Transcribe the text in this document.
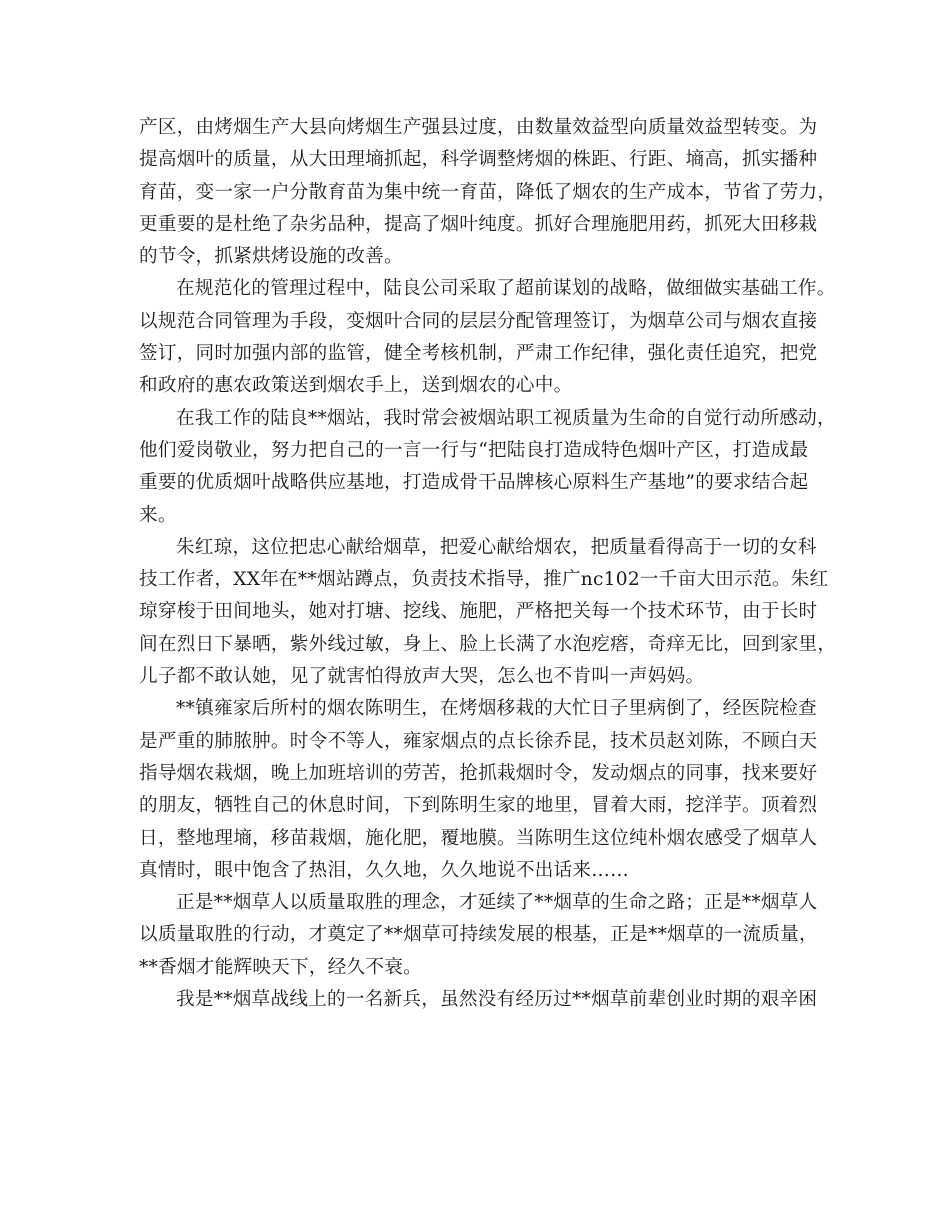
产区，由烤烟生产大县向烤烟生产强县过度，由数量效益型向质量效益型转变。为
提高烟叶的质量，从大田理墒抓起，科学调整烤烟的株距、行距、墒高，抓实播种
育苗，变一家一户分散育苗为集中统一育苗，降低了烟农的生产成本，节省了劳力，
更重要的是杜绝了杂劣品种，提高了烟叶纯度。抓好合理施肥用药，抓死大田移栽
的节令，抓紧烘烤设施的改善。

在规范化的管理过程中，陆良公司采取了超前谋划的战略，做细做实基础工作。
以规范合同管理为手段，变烟叶合同的层层分配管理签订，为烟草公司与烟农直接
签订，同时加强内部的监管，健全考核机制，严肃工作纪律，强化责任追究，把党
和政府的惠农政策送到烟农手上，送到烟农的心中。

在我工作的陆良**烟站，我时常会被烟站职工视质量为生命的自觉行动所感动，
他们爱岗敬业，努力把自己的一言一行与“把陆良打造成特色烟叶产区，打造成最
重要的优质烟叶战略供应基地，打造成骨干品牌核心原料生产基地”的要求结合起
来。

朱红琼，这位把忠心献给烟草，把爱心献给烟农，把质量看得高于一切的女科
技工作者，XX年在**烟站蹲点，负责技术指导，推广nc102一千亩大田示范。朱红
琼穿梭于田间地头，她对打塘、挖线、施肥，严格把关每一个技术环节，由于长时
间在烈日下暴晒，紫外线过敏，身上、脸上长满了水泡疙瘩，奇痒无比，回到家里，
儿子都不敢认她，见了就害怕得放声大哭，怎么也不肯叫一声妈妈。

**镇雍家后所村的烟农陈明生，在烤烟移栽的大忙日子里病倒了，经医院检查
是严重的肺脓肿。时令不等人，雍家烟点的点长徐乔昆，技术员赵刘陈，不顾白天
指导烟农栽烟，晚上加班培训的劳苦，抢抓栽烟时令，发动烟点的同事，找来要好
的朋友，牺牲自己的休息时间，下到陈明生家的地里，冒着大雨，挖洋芋。顶着烈
日，整地理墒，移苗栽烟，施化肥，覆地膜。当陈明生这位纯朴烟农感受了烟草人
真情时，眼中饱含了热泪，久久地，久久地说不出话来……

正是**烟草人以质量取胜的理念，才延续了**烟草的生命之路；正是**烟草人
以质量取胜的行动，才奠定了**烟草可持续发展的根基，正是**烟草的一流质量，
**香烟才能辉映天下，经久不衰。

我是**烟草战线上的一名新兵，虽然没有经历过**烟草前辈创业时期的艰辛困
